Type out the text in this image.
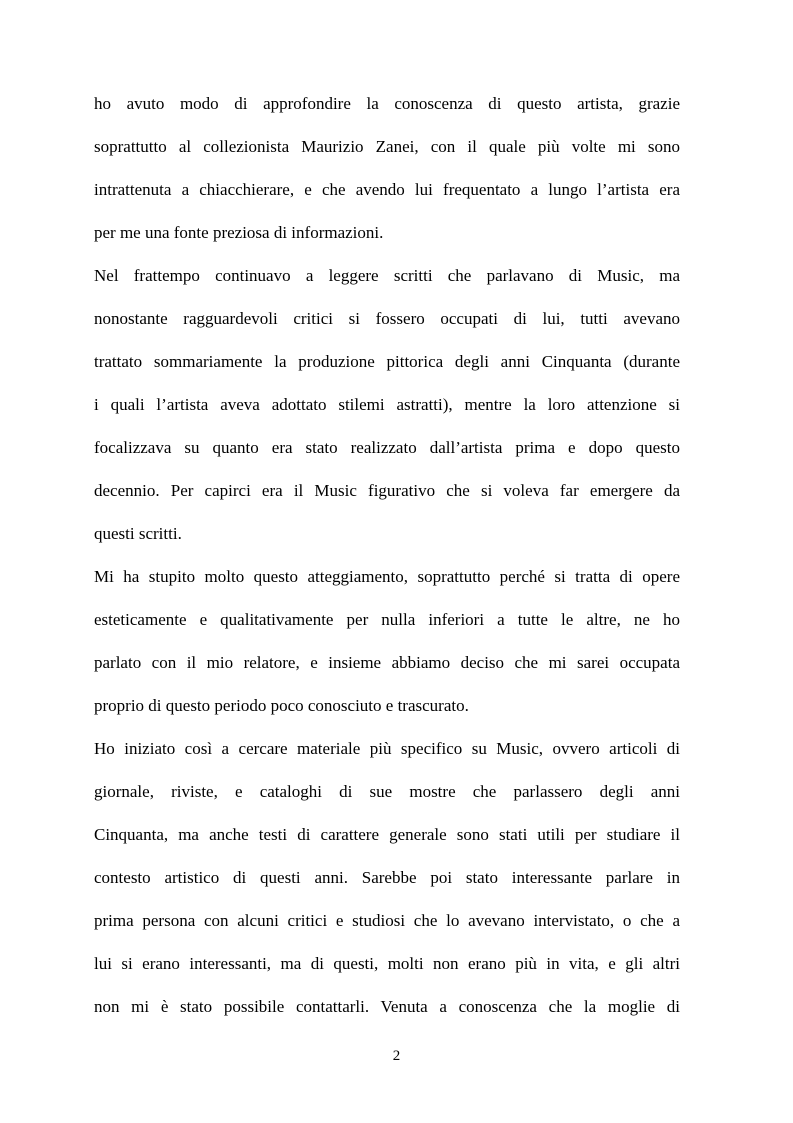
ho avuto modo di approfondire la conoscenza di questo artista, grazie
soprattutto al collezionista Maurizio Zanei, con il quale più volte mi sono
intrattenuta a chiacchierare, e che avendo lui frequentato a lungo l’artista era
per me una fonte preziosa di informazioni.
Nel frattempo continuavo a leggere scritti che parlavano di Music, ma
nonostante ragguardevoli critici si fossero occupati di lui, tutti avevano
trattato sommariamente la produzione pittorica degli anni Cinquanta (durante
i quali l’artista aveva adottato stilemi astratti), mentre la loro attenzione si
focalizzava su quanto era stato realizzato dall’artista prima e dopo questo
decennio. Per capirci era il Music figurativo che si voleva far emergere da
questi scritti.
Mi ha stupito molto questo atteggiamento, soprattutto perché si tratta di opere
esteticamente e qualitativamente per nulla inferiori a tutte le altre, ne ho
parlato con il mio relatore, e insieme abbiamo deciso che mi sarei occupata
proprio di questo periodo poco conosciuto e trascurato.
Ho iniziato così a cercare materiale più specifico su Music, ovvero articoli di
giornale, riviste, e cataloghi di sue mostre che parlassero degli anni
Cinquanta, ma anche testi di carattere generale sono stati utili per studiare il
contesto artistico di questi anni. Sarebbe poi stato interessante parlare in
prima persona con alcuni critici e studiosi che lo avevano intervistato, o che a
lui si erano interessanti, ma di questi, molti non erano più in vita, e gli altri
non mi è stato possibile contattarli. Venuta a conoscenza che la moglie di
2
